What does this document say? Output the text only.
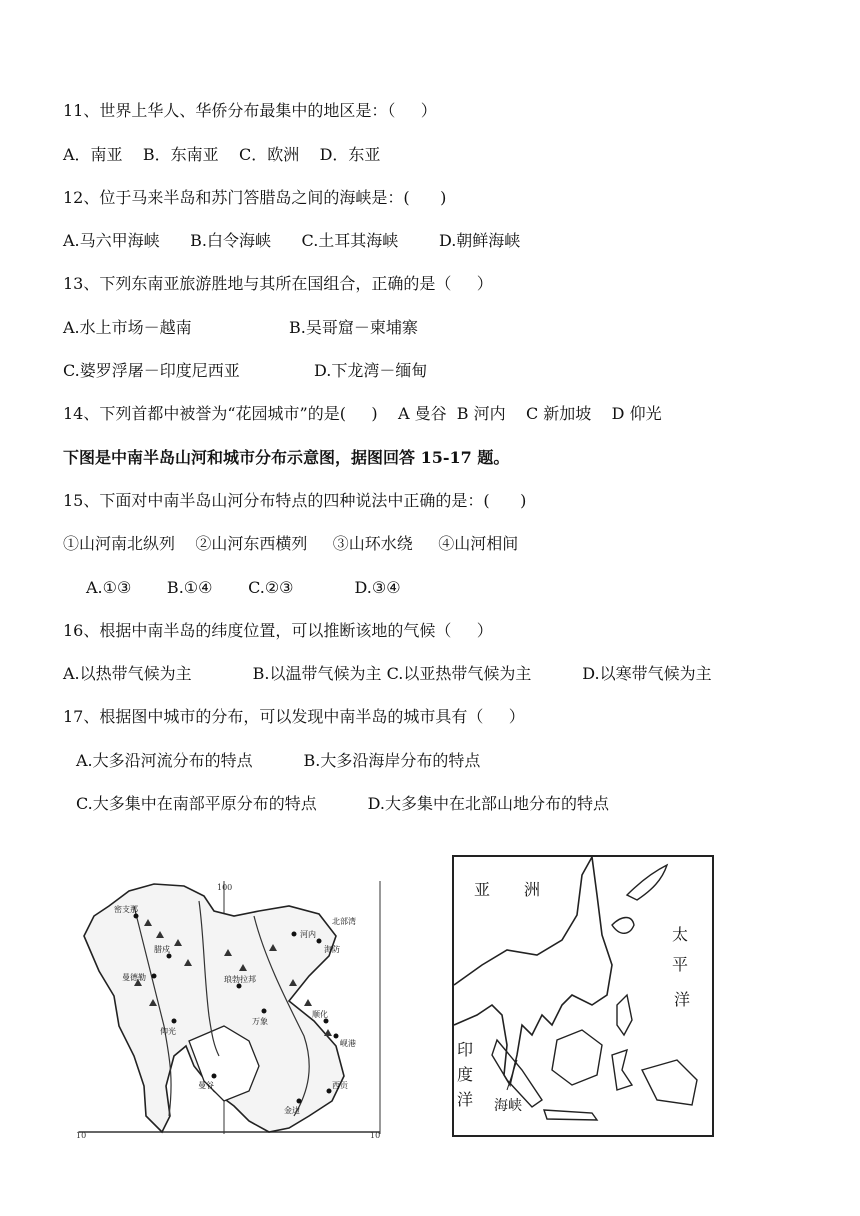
11、世界上华人、华侨分布最集中的地区是：（     ）
A．南亚    B．东南亚    C．欧洲    D．东亚
12、位于马来半岛和苏门答腊岛之间的海峡是：(      )
A.马六甲海峡      B.白令海峡      C.土耳其海峡        D.朝鲜海峡
13、下列东南亚旅游胜地与其所在国组合，正确的是（     ）
A.水上市场－越南	B.吴哥窟－柬埔寨
C.婆罗浮屠－印度尼西亚	D.下龙湾－缅甸
14、下列首都中被誉为“花园城市”的是(     )    A 曼谷  B 河内    C 新加坡    D 仰光
下图是中南半岛山河和城市分布示意图，据图回答 15-17 题。
15、下面对中南半岛山河分布特点的四种说法中正确的是：(      )
①山河南北纵列    ②山河东西横列     ③山环水绕     ④山河相间
A.①③       B.①④       C.②③            D.③④
16、根据中南半岛的纬度位置，可以推断该地的气候（     ）
A.以热带气候为主            B.以温带气候为主 C.以亚热带气候为主          D.以寒带气候为主
17、根据图中城市的分布，可以发现中南半岛的城市具有（     ）
A.大多沿河流分布的特点          B.大多沿海岸分布的特点
C.大多集中在南部平原分布的特点          D.大多集中在北部山地分布的特点
100
10	10
密支那
腊戍
曼德勒	琅勃拉邦
河内
仰光
万象
海防
曼谷
顺化
金边
西贡
岘港
北部湾
亚 洲
太
平
洋
印
度
洋 海峡
